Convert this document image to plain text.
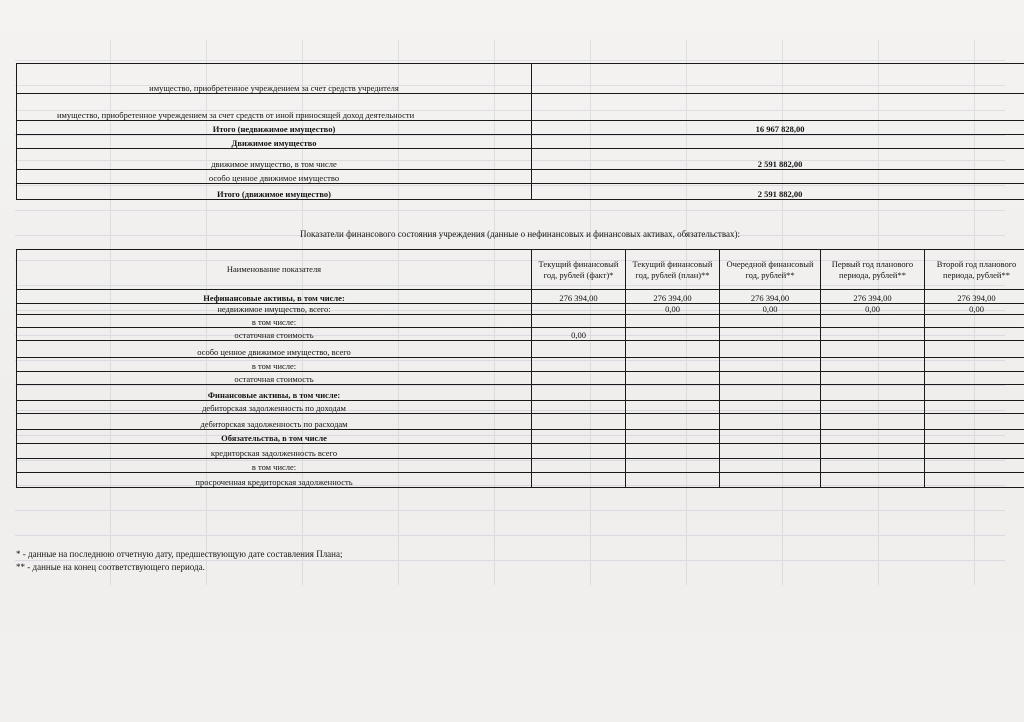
имущество, приобретенное учреждением за счет средств учредителя	
имущество, приобретенное учреждением за счет средств от иной приносящей доход деятельности	
Итого (недвижимое имущество)	16 967 828,00
Движимое имущество	
движимое имущество, в том числе	2 591 882,00
особо ценное движимое имущество	
Итого (движимое имущество)	2 591 882,00
Показатели финансового состояния учреждения (данные о нефинансовых и финансовых активах, обязательствах):
Наименование показателя	Текущий финансовый год, рублей (факт)*	Текущий финансовый год, рублей (план)**	Очередной финансовый год, рублей**	Первый год планового периода, рублей**	Второй год планового периода, рублей**
Нефинансовые активы, в том числе:	276 394,00	276 394,00	276 394,00	276 394,00	276 394,00
недвижимое имущество, всего:		0,00	0,00	0,00	0,00
в том числе:					
остаточная стоимость	0,00				
особо ценное движимое имущество, всего					
в том числе:					
остаточная стоимость					
Финансовые активы, в том числе:					
дебиторская задолженность по доходам					
дебиторская задолженность по расходам					
Обязательства, в том числе					
кредиторская задолженность всего					
в том числе:					
просроченная кредиторская задолженность					
* - данные на последнюю отчетную дату, предшествующую дате составления Плана;
** - данные на конец соответствующего периода.
